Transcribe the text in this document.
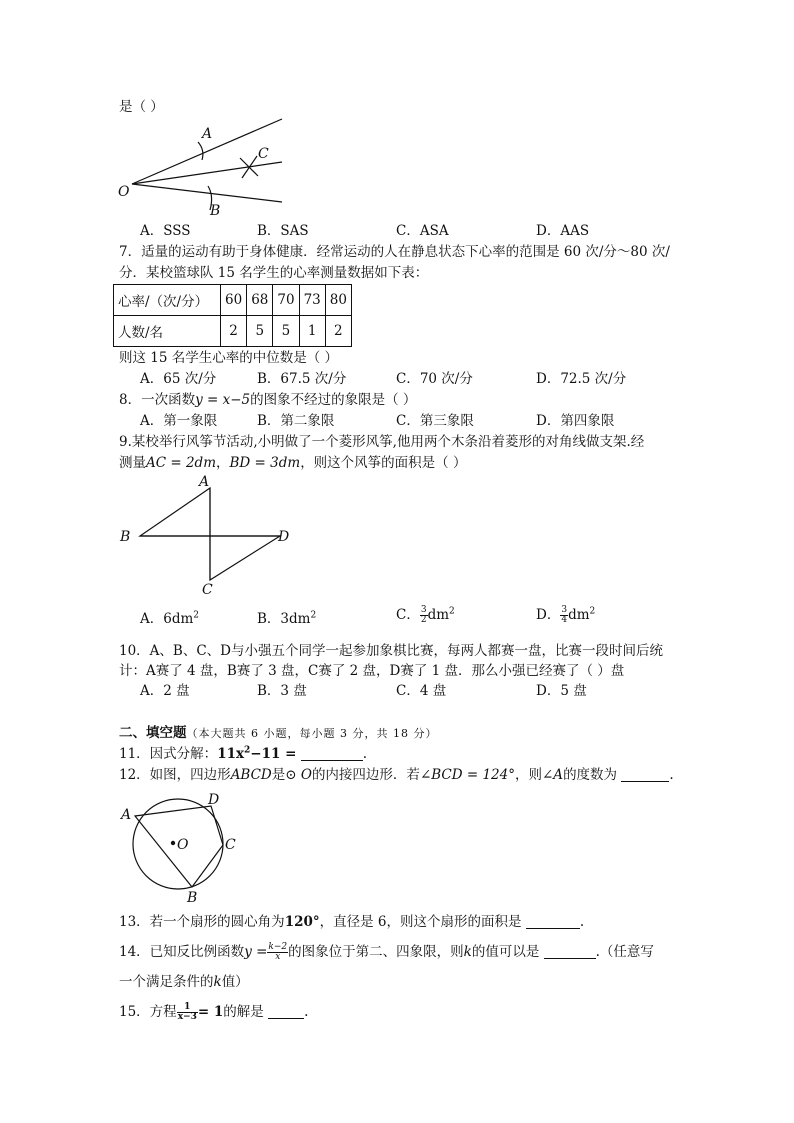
是（ ）
A
C
O
B
A．SSS	B．SAS	C．ASA	D．AAS
7．适量的运动有助于身体健康．经常运动的人在静息状态下心率的范围是 60 次/分～80 次/
分．某校篮球队 15 名学生的心率测量数据如下表：
心率/（次/分）	60	68	70	73	80
人数/名	2	5	5	1	2
则这 15 名学生心率的中位数是（ ）
A．65 次/分	B．67.5 次/分	C．70 次/分	D．72.5 次/分
8．一次函数y = x−5的图象不经过的象限是（ ）
A．第一象限	B．第二象限	C．第三象限	D．第四象限
9.某校举行风筝节活动,小明做了一个菱形风筝,他用两个木条沿着菱形的对角线做支架.经
测量AC = 2dm，BD = 3dm，则这个风筝的面积是（ ）
A
B	D
C
A．$6dm^2$	B．$3dm^2$	C． $\frac{3}{2} dm^2$	D． $\frac{3}{4} dm^2$
10．A、B、C、D与小强五个同学一起参加象棋比赛，每两人都赛一盘，比赛一段时间后统
计：A赛了 4 盘，B赛了 3 盘，C赛了 2 盘，D赛了 1 盘．那么小强已经赛了（ ）盘
A．2 盘	B．3 盘	C．4 盘	D．5 盘
二、填空题（本大题共 6 小题，每小题 3 分，共 18 分）
11．因式分解：$11x^2-11$ =	.
12．如图，四边形ABCD是⊙ O的内接四边形．若∠BCD = 124°，则∠A的度数为	.
A
D
O	C
B
13．若一个扇形的圆心角为120°，直径是 6，则这个扇形的面积是	.
14．已知反比例函数$y = \frac{k-2}{x}$ 的图象位于第二、四象限，则k的值可以是	.（任意写
一个满足条件的k值）
15．方程 $\frac{1}{x-3} = 1$的解是	.
